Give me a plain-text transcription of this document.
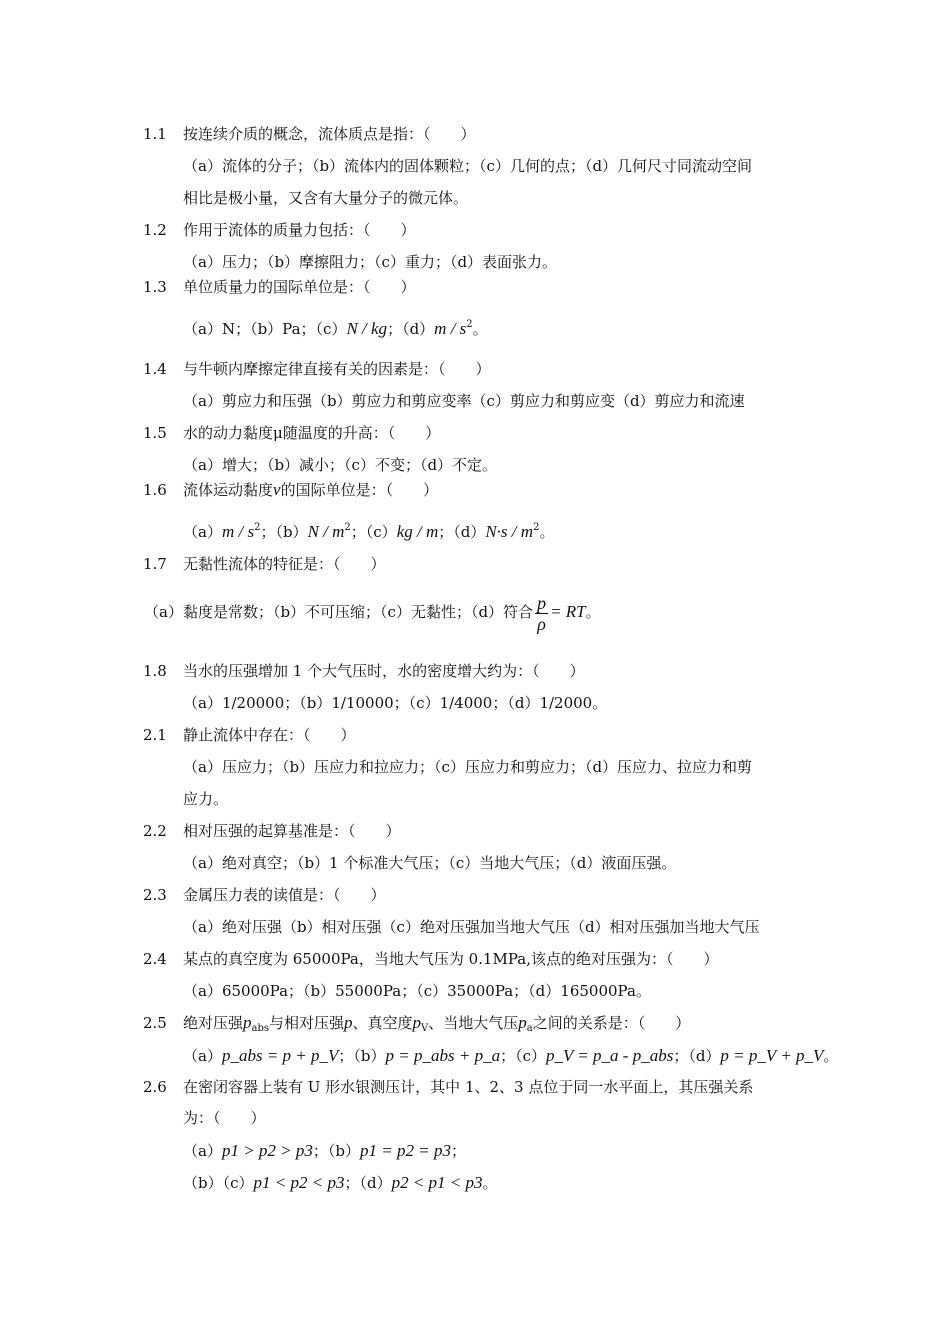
1.1 按连续介质的概念，流体质点是指：（　　）
（a）流体的分子；（b）流体内的固体颗粒；（c）几何的点；（d）几何尺寸同流动空间
相比是极小量，又含有大量分子的微元体。
1.2 作用于流体的质量力包括：（　　）
（a）压力；（b）摩擦阻力；（c）重力；（d）表面张力。
1.3 单位质量力的国际单位是：（　　）
（a）N；（b）Pa；（c）N / kg；$(d)m / s^2$。
1.4 与牛顿内摩擦定律直接有关的因素是：（　　）
（a）剪应力和压强（b）剪应力和剪应变率（c）剪应力和剪应变（d）剪应力和流速
1.5 水的动力黏度μ随温度的升高：（　　）
（a）增大；（b）减小；（c）不变；（d）不定。
1.6 流体运动黏度ν的国际单位是：（　　）
$(a)m / s^2$；$(b)N / m^2$；（c）kg / m；$(d)N\cdot s / m^2$。
1.7 无黏性流体的特征是：（　　）
（a）黏度是常数；（b）不可压缩；（c）无黏性；（d）符合 $\frac{p}{\rho}$ = RT。
1.8 当水的压强增加 1 个大气压时，水的密度增大约为：（　　）
（a）1/20000；（b）1/10000；（c）1/4000；（d）1/2000。
2.1 静止流体中存在：（　　）
（a）压应力；（b）压应力和拉应力；（c）压应力和剪应力；（d）压应力、拉应力和剪
应力。
2.2 相对压强的起算基准是：（　　）
（a）绝对真空；（b）1 个标准大气压；（c）当地大气压；（d）液面压强。
2.3 金属压力表的读值是：（　　）
（a）绝对压强（b）相对压强（c）绝对压强加当地大气压（d）相对压强加当地大气压
2.4 某点的真空度为 65000Pa，当地大气压为 0.1MPa,该点的绝对压强为：（　　）
（a）65000Pa；（b）55000Pa；（c）35000Pa；（d）165000Pa。
2.5 绝对压强$p_{abs}$与相对压强p、真空度$p_V$、当地大气压$p_a$之间的关系是：（　　）
（a）p_abs = p + p_V；（b）p = p_abs + p_a；（c）p_V = p_a - p_abs；（d）p = p_V + p_V。
2.6 在密闭容器上装有 U 形水银测压计，其中 1、2、3 点位于同一水平面上，其压强关系
为：（　　）
（a）p1 > p2 > p3；（b）p1 = p2 = p3；
（b）（c）p1 < p2 < p3；（d）p2 < p1 < p3。
